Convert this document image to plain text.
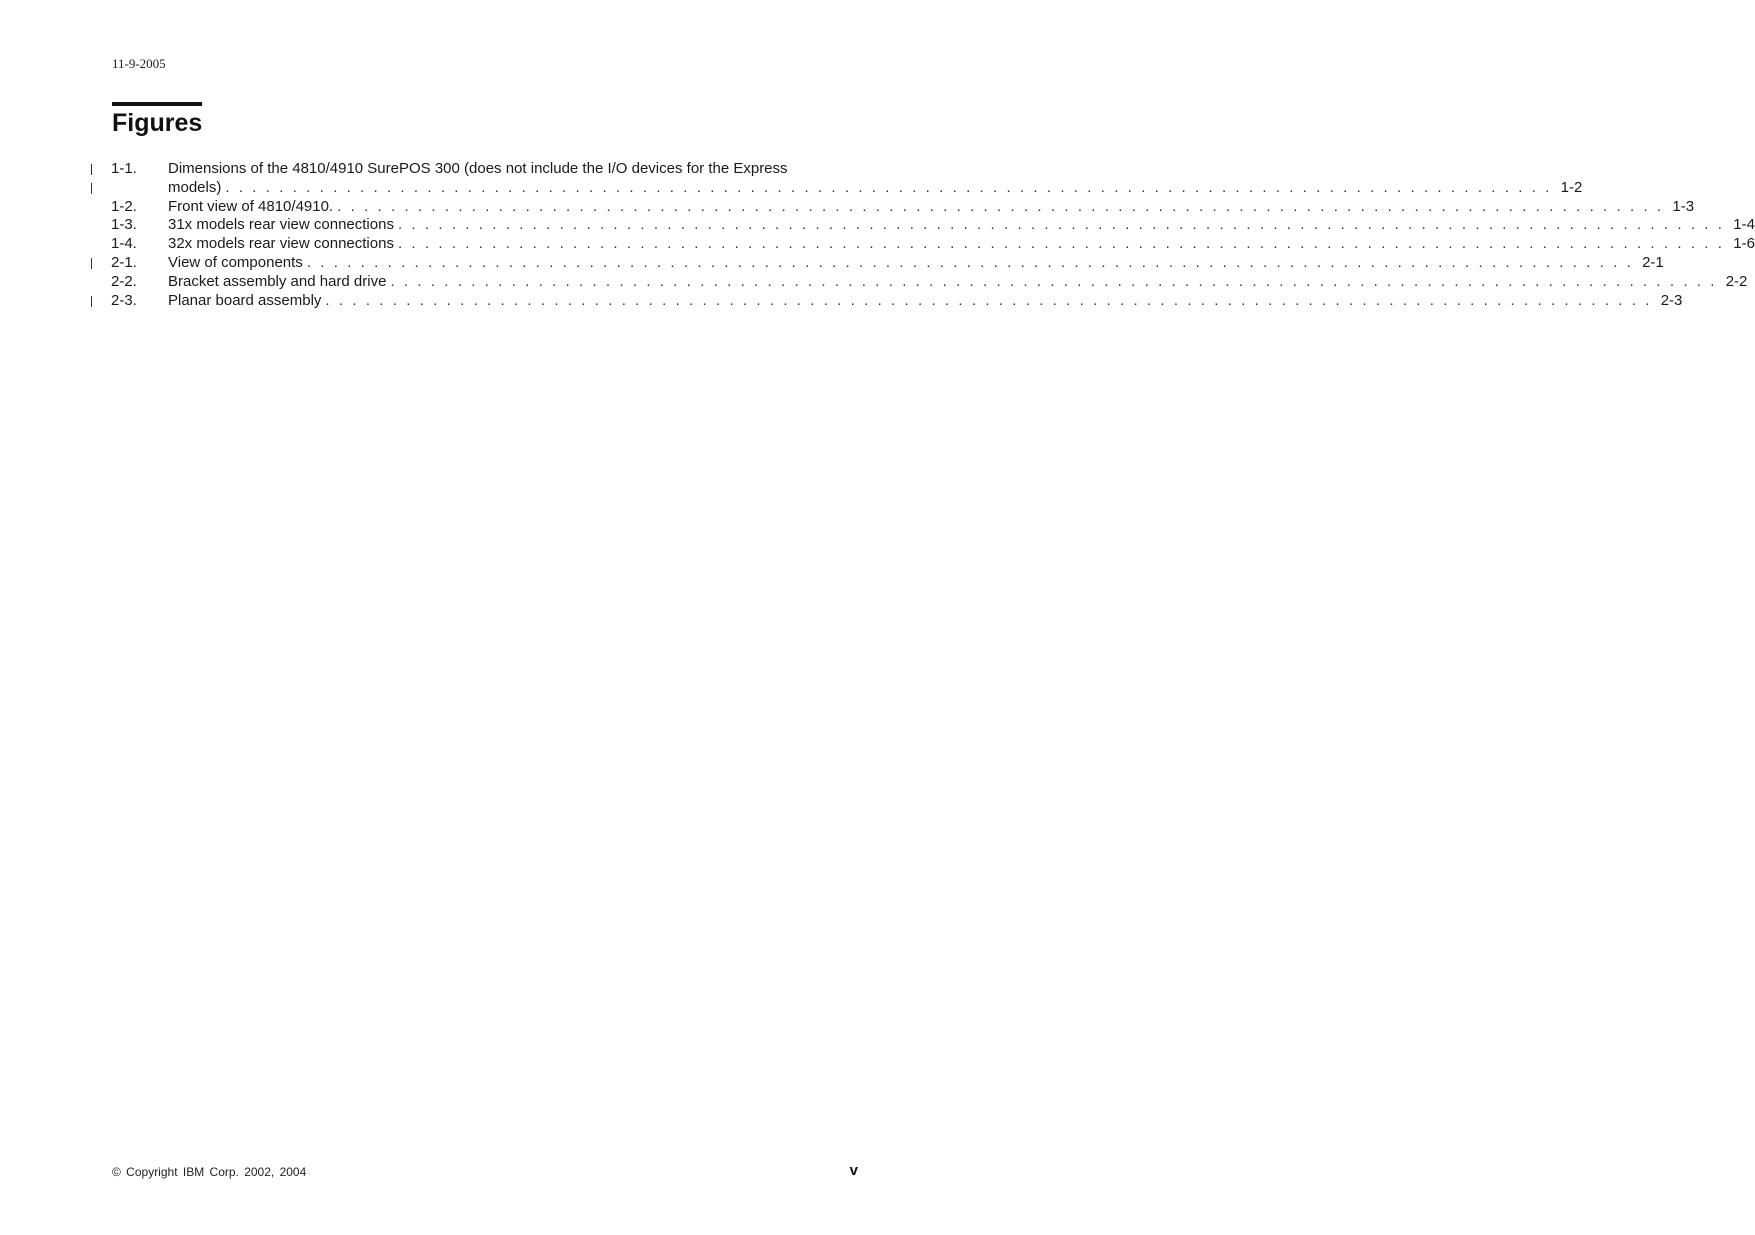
11-9-2005
Figures
1-1. Dimensions of the 4810/4910 SurePOS 300 (does not include the I/O devices for the Express
models) ................................................................................................... 1-2
1-2. Front view of 4810/4910. ................................................................................................... 1-3
1-3. 31x models rear view connections ................................................................................................... 1-4
1-4. 32x models rear view connections ................................................................................................... 1-6
2-1. View of components ................................................................................................... 2-1
2-2. Bracket assembly and hard drive ................................................................................................... 2-2
2-3. Planar board assembly ................................................................................................... 2-3
© Copyright IBM Corp. 2002, 2004	v
